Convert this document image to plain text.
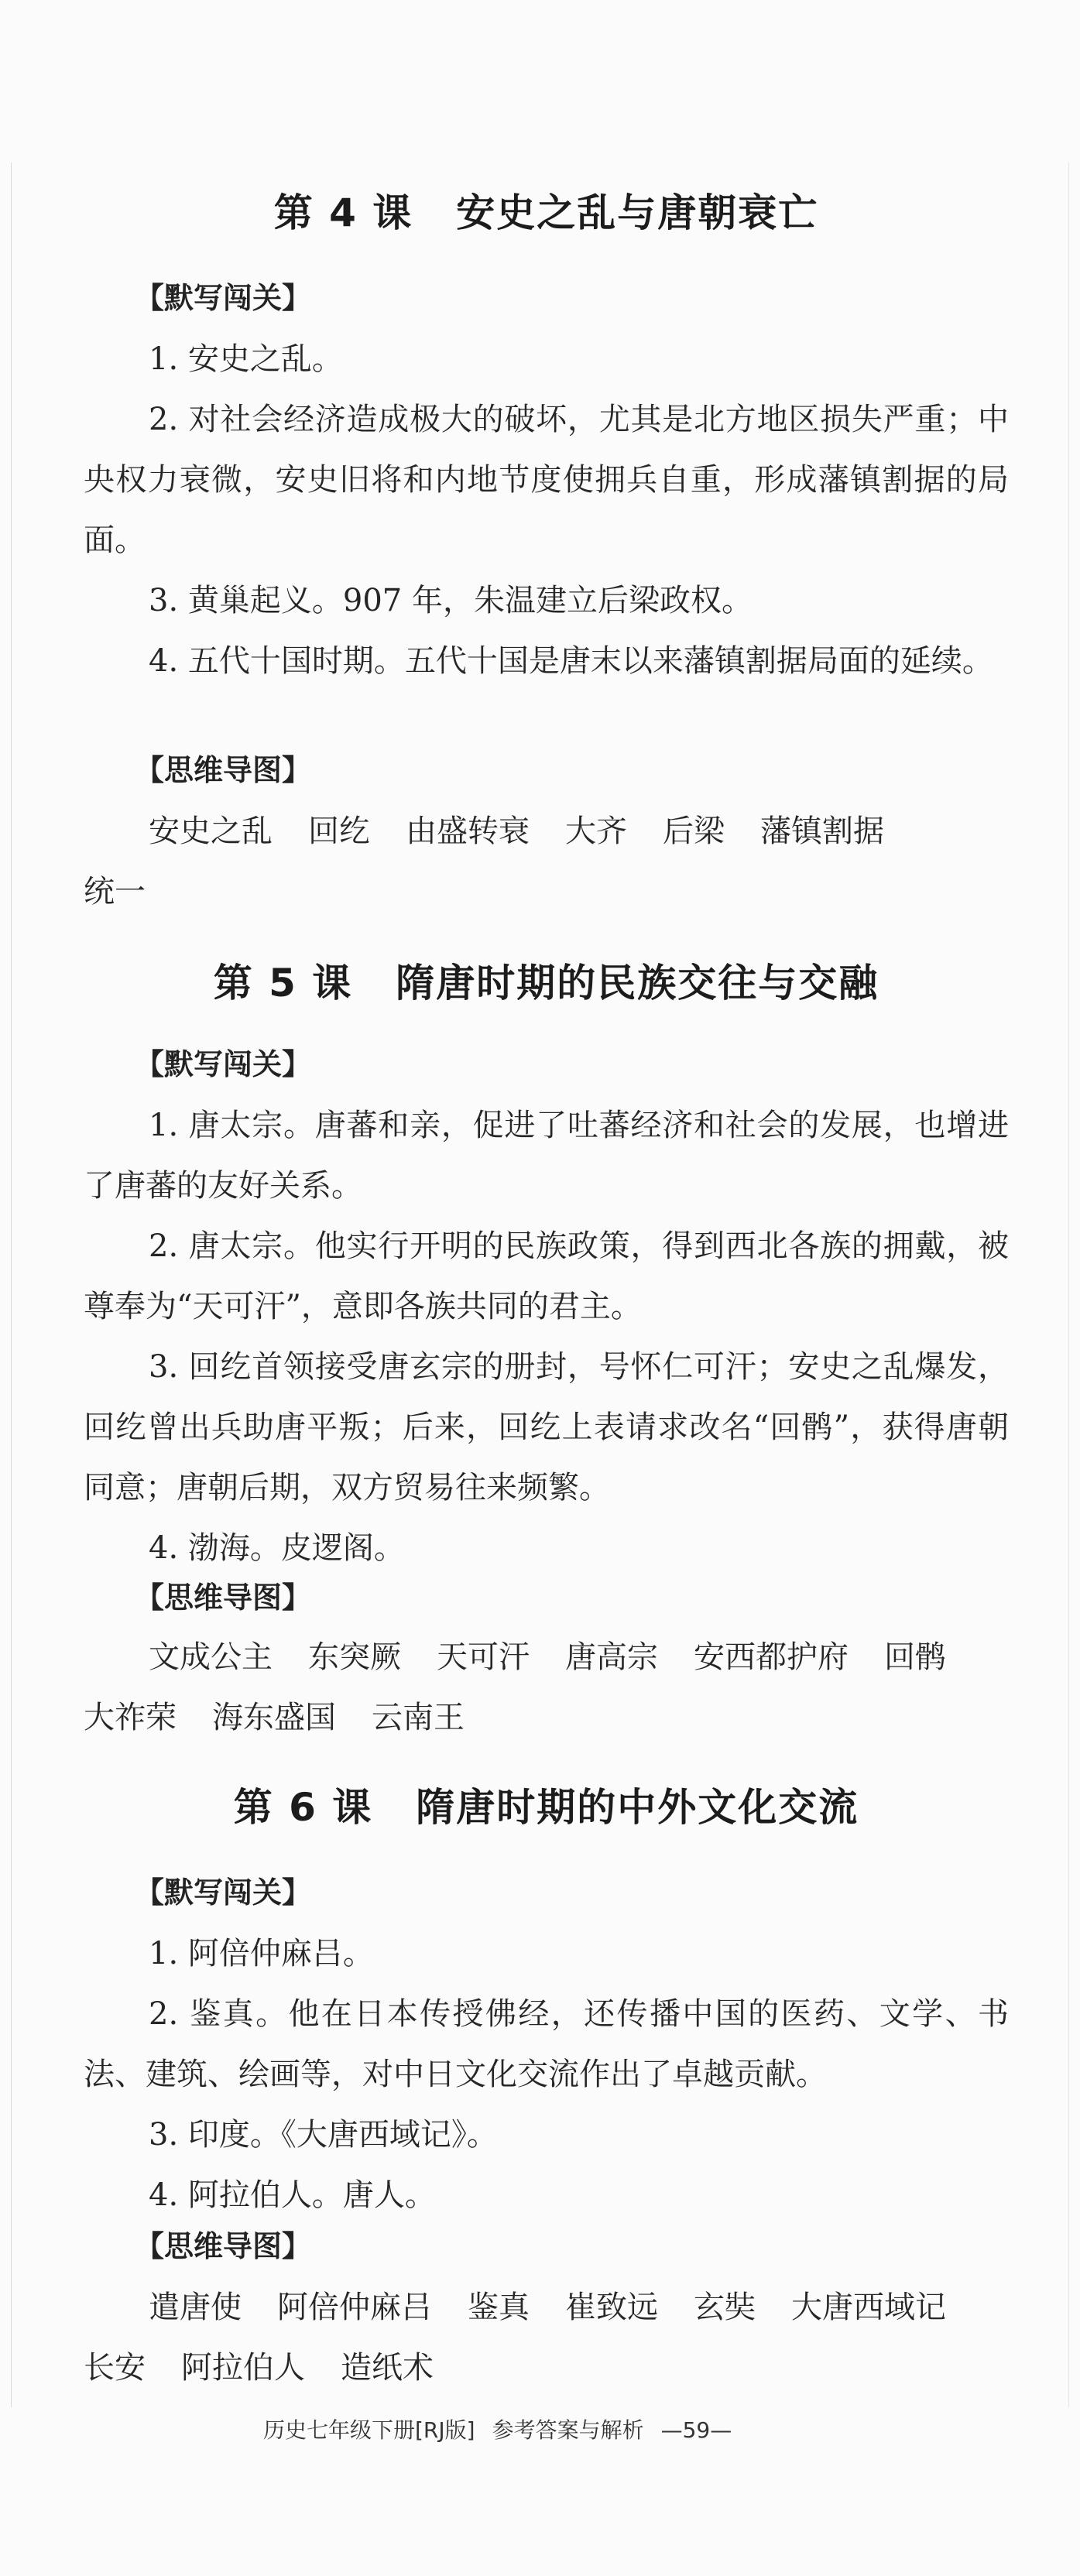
第 4 课 安史之乱与唐朝衰亡
【默写闯关】
1. 安史之乱。
2. 对社会经济造成极大的破坏，尤其是北方地区损失严重；中央权力衰微，安史旧将和内地节度使拥兵自重，形成藩镇割据的局面。
3. 黄巢起义。907 年，朱温建立后梁政权。
4. 五代十国时期。五代十国是唐末以来藩镇割据局面的延续。
【思维导图】
安史之乱 回纥 由盛转衰 大齐 后梁 藩镇割据
统一
第 5 课 隋唐时期的民族交往与交融
【默写闯关】
1. 唐太宗。唐蕃和亲，促进了吐蕃经济和社会的发展，也增进了唐蕃的友好关系。
2. 唐太宗。他实行开明的民族政策，得到西北各族的拥戴，被尊奉为“天可汗”，意即各族共同的君主。
3. 回纥首领接受唐玄宗的册封，号怀仁可汗；安史之乱爆发，回纥曾出兵助唐平叛；后来，回纥上表请求改名“回鹘”，获得唐朝同意；唐朝后期，双方贸易往来频繁。
4. 渤海。皮逻阁。
【思维导图】
文成公主 东突厥 天可汗 唐高宗 安西都护府 回鹘
大祚荣 海东盛国 云南王
第 6 课 隋唐时期的中外文化交流
【默写闯关】
1. 阿倍仲麻吕。
2. 鉴真。他在日本传授佛经，还传播中国的医药、文学、书法、建筑、绘画等，对中日文化交流作出了卓越贡献。
3. 印度。《大唐西域记》。
4. 阿拉伯人。唐人。
【思维导图】
遣唐使 阿倍仲麻吕 鉴真 崔致远 玄奘 大唐西域记
长安 阿拉伯人 造纸术
历史七年级下册[RJ版] 参考答案与解析 —59—
